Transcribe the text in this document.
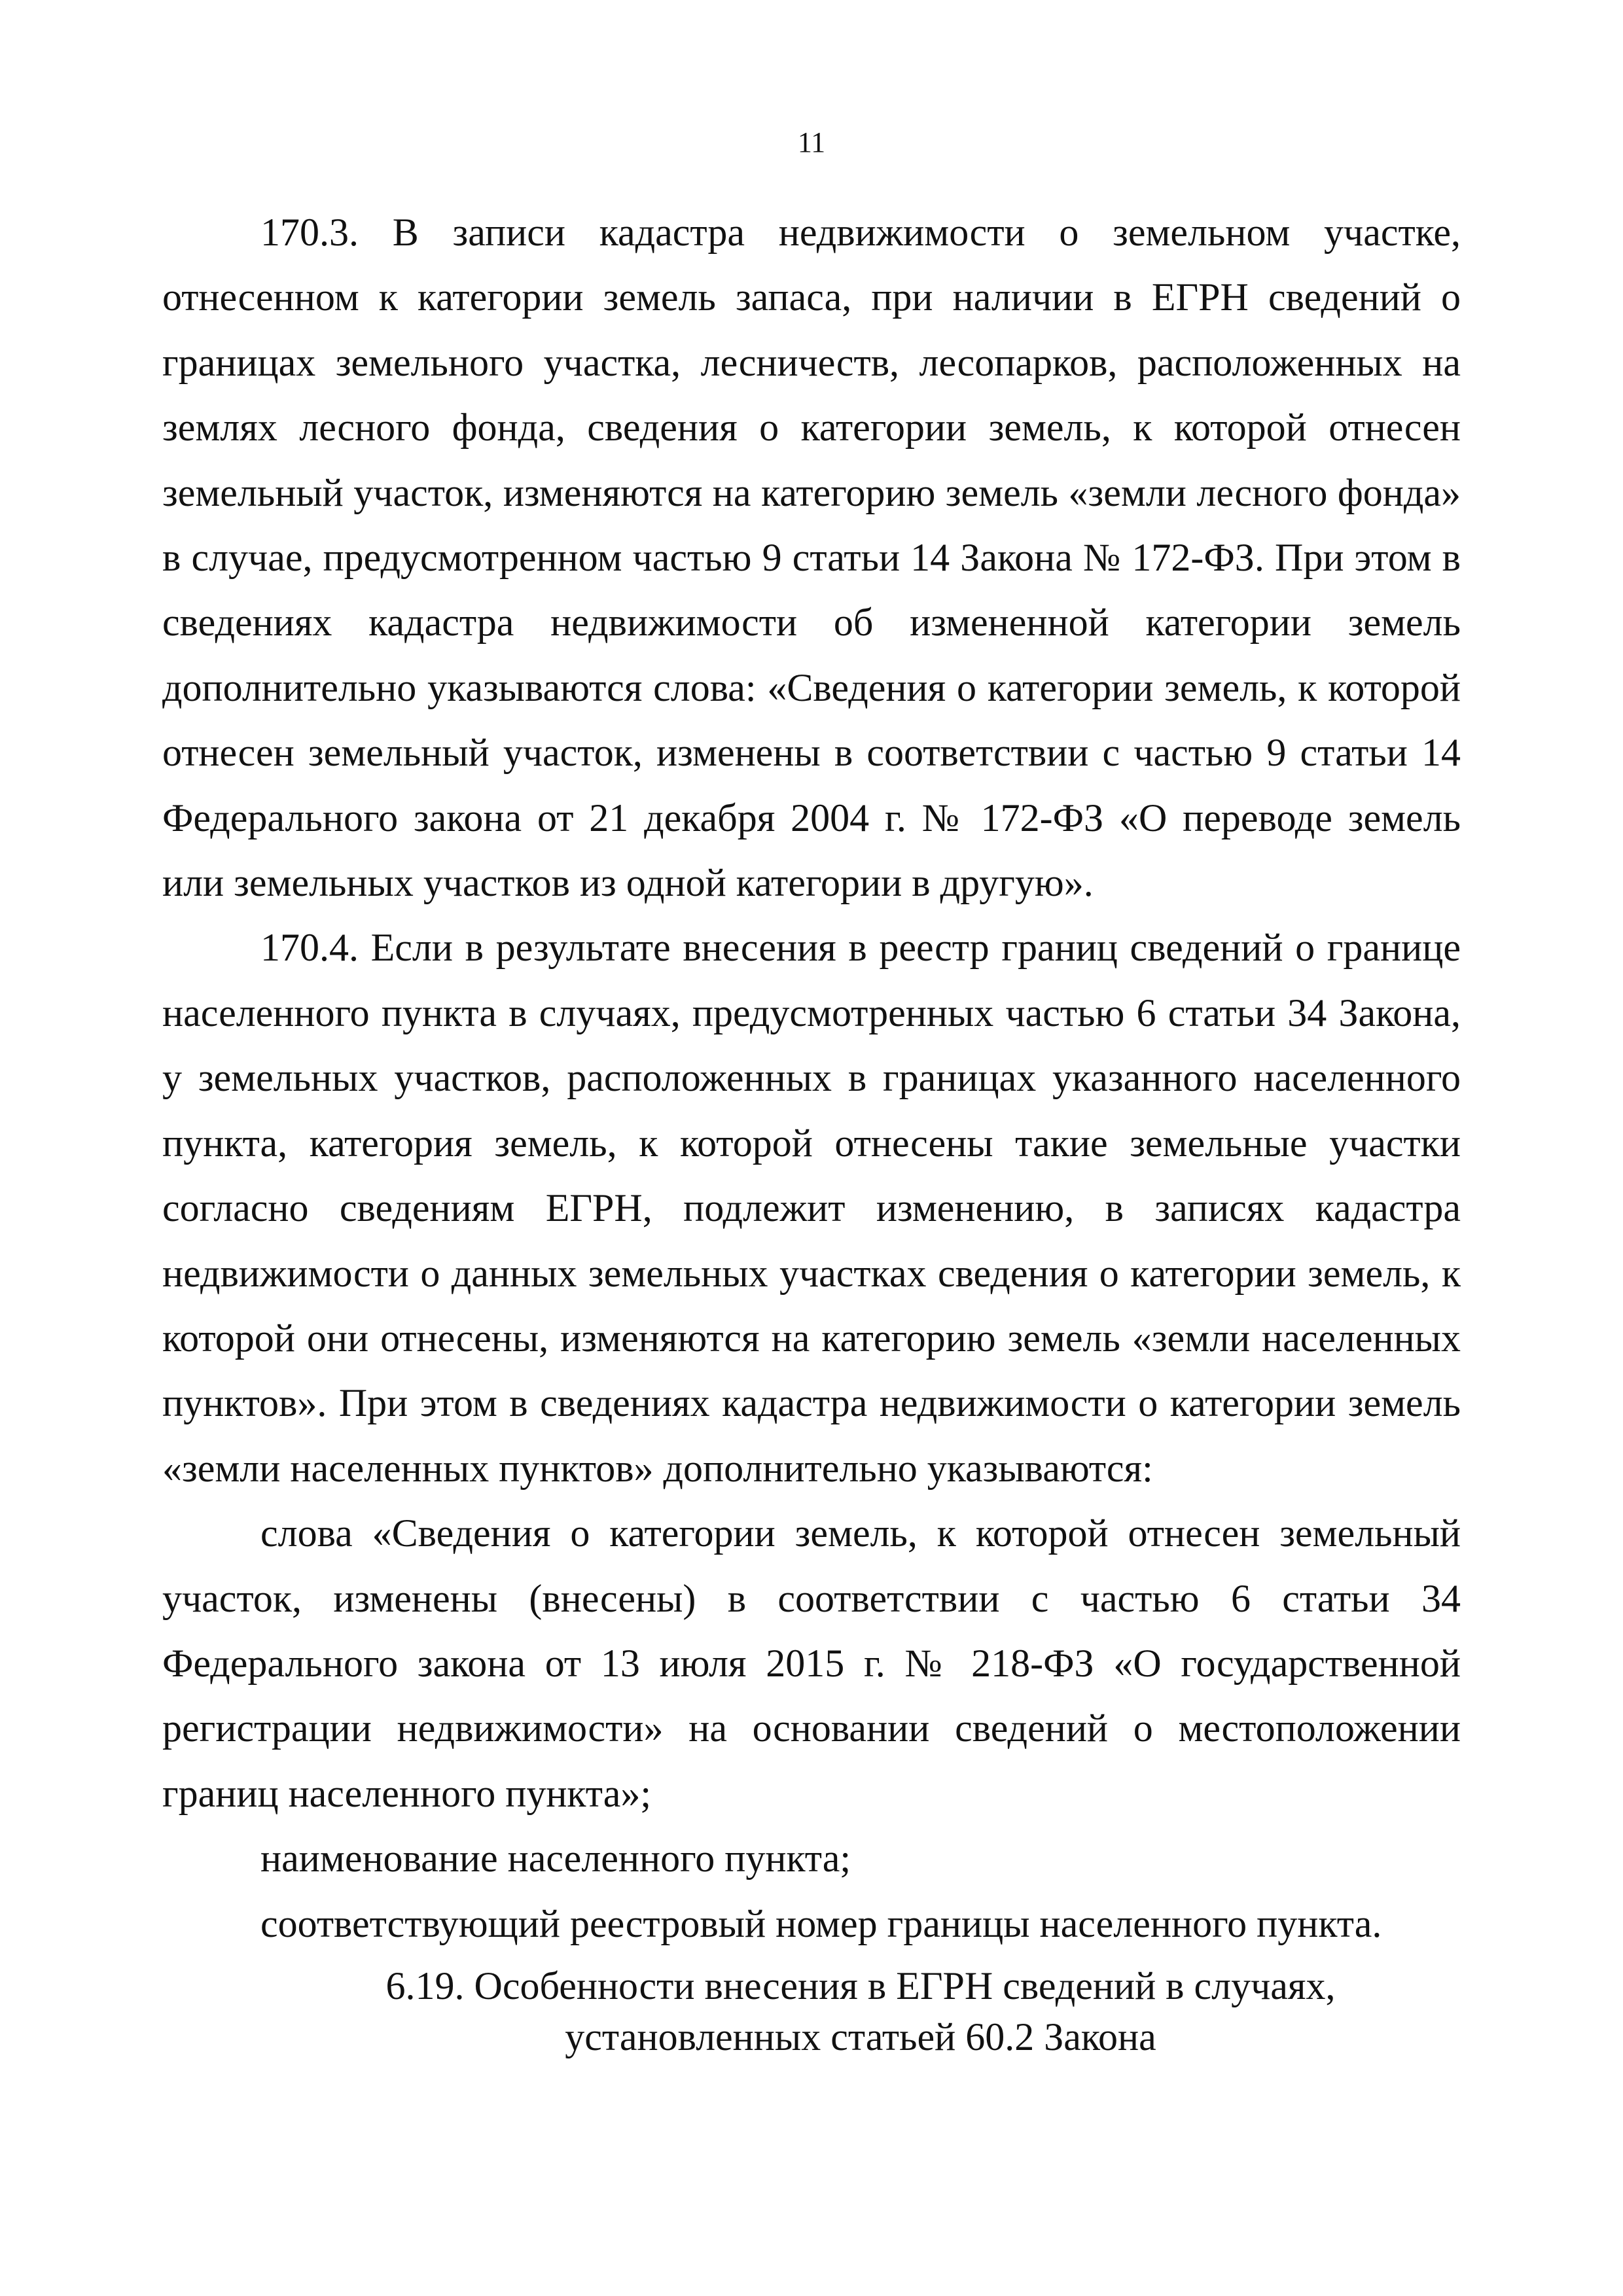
11

170.3. В записи кадастра недвижимости о земельном участке, отнесенном к категории земель запаса, при наличии в ЕГРН сведений о границах земельного участка, лесничеств, лесопарков, расположенных на землях лесного фонда, сведения о категории земель, к которой отнесен земельный участок, изменяются на категорию земель «земли лесного фонда» в случае, предусмотренном частью 9 статьи 14 Закона № 172-ФЗ. При этом в сведениях кадастра недвижимости об измененной категории земель дополнительно указываются слова: «Сведения о категории земель, к которой отнесен земельный участок, изменены в соответствии с частью 9 статьи 14 Федерального закона от 21 декабря 2004 г. № 172-ФЗ «О переводе земель или земельных участков из одной категории в другую».

170.4. Если в результате внесения в реестр границ сведений о границе населенного пункта в случаях, предусмотренных частью 6 статьи 34 Закона, у земельных участков, расположенных в границах указанного населенного пункта, категория земель, к которой отнесены такие земельные участки согласно сведениям ЕГРН, подлежит изменению, в записях кадастра недвижимости о данных земельных участках сведения о категории земель, к которой они отнесены, изменяются на категорию земель «земли населенных пунктов». При этом в сведениях кадастра недвижимости о категории земель «земли населенных пунктов» дополнительно указываются:

слова «Сведения о категории земель, к которой отнесен земельный участок, изменены (внесены) в соответствии с частью 6 статьи 34 Федерального закона от 13 июля 2015 г. № 218-ФЗ «О государственной регистрации недвижимости» на основании сведений о местоположении границ населенного пункта»;

наименование населенного пункта;

соответствующий реестровый номер границы населенного пункта.

6.19. Особенности внесения в ЕГРН сведений в случаях,
установленных статьей 60.2 Закона
